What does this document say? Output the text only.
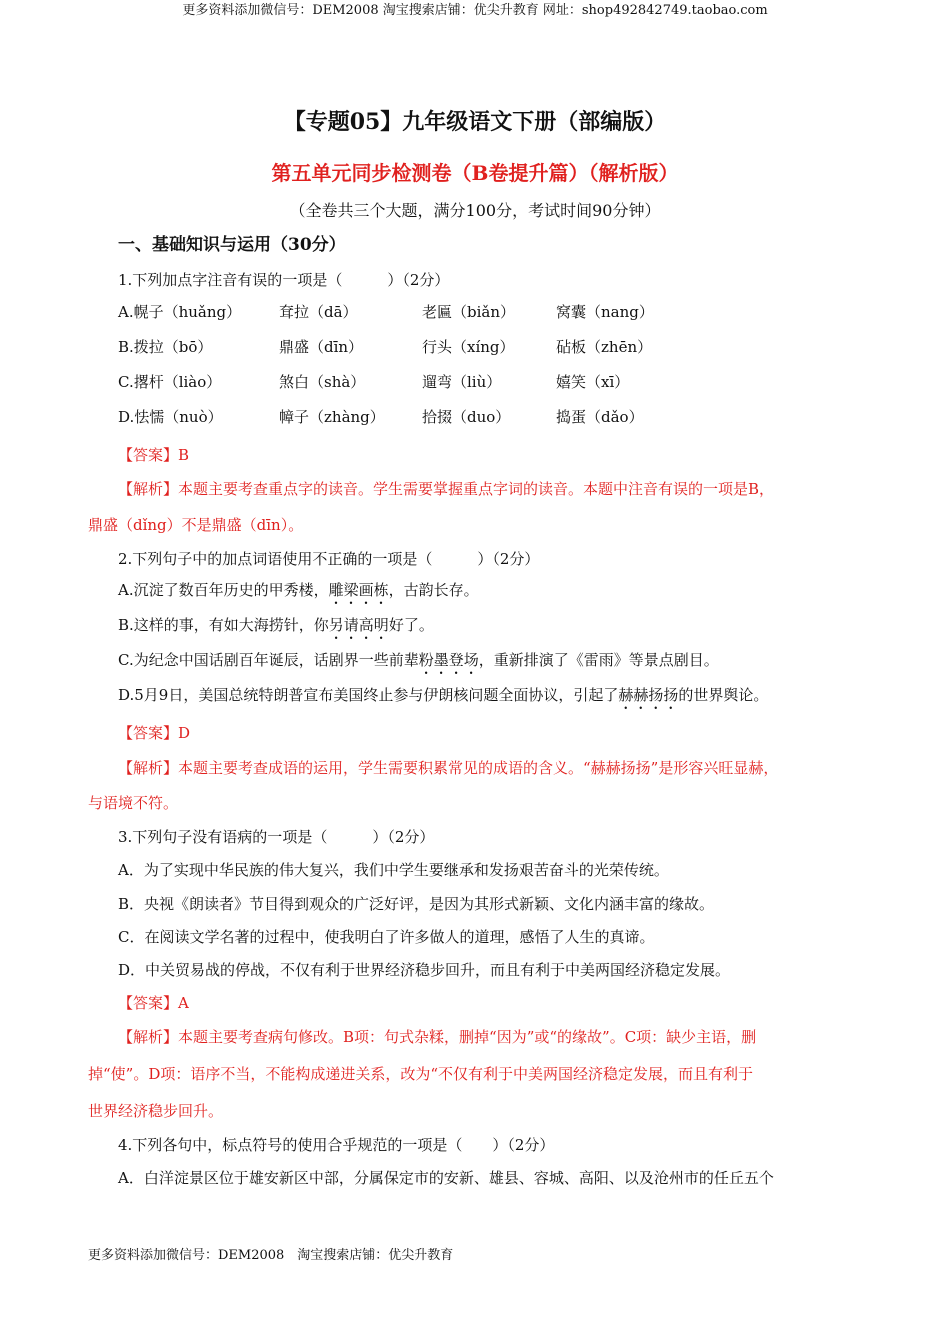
更多资料添加微信号：DEM2008 淘宝搜索店铺：优尖升教育 网址：shop492842749.taobao.com
【专题05】九年级语文下册（部编版）
第五单元同步检测卷（B卷提升篇）（解析版）
（全卷共三个大题，满分100分，考试时间90分钟）
一、基础知识与运用（30分）
1.下列加点字注音有误的一项是（　　　）（2分）
A.幌子（huǎng）	耷拉（dā）	老匾（biǎn）	窝囊（nang）
B.拨拉（bō）	鼎盛（dīn）	行头（xíng）	砧板（zhēn）
C.撂杆（liào）	煞白（shà）	遛弯（liù）	嬉笑（xī）
D.怯懦（nuò）	幛子（zhàng） 拾掇（duo）	捣蛋（dǎo）
【答案】B
【解析】本题主要考查重点字的读音。学生需要掌握重点字词的读音。本题中注音有误的一项是B，
鼎盛（dǐng）不是鼎盛（dīn）。
2.下列句子中的加点词语使用不正确的一项是（　　　）（2分）
A.沉淀了数百年历史的甲秀楼，雕梁画栋，古韵长存。
B.这样的事，有如大海捞针，你另请高明好了。
C.为纪念中国话剧百年诞辰，话剧界一些前辈粉墨登场，重新排演了《雷雨》等景点剧目。
D.5月9日，美国总统特朗普宣布美国终止参与伊朗核问题全面协议，引起了赫赫扬扬的世界舆论。
【答案】D
【解析】本题主要考查成语的运用，学生需要积累常见的成语的含义。“赫赫扬扬”是形容兴旺显赫，
与语境不符。
3.下列句子没有语病的一项是（　　　）（2分）
A．为了实现中华民族的伟大复兴，我们中学生要继承和发扬艰苦奋斗的光荣传统。
B．央视《朗读者》节目得到观众的广泛好评，是因为其形式新颖、文化内涵丰富的缘故。
C．在阅读文学名著的过程中，使我明白了许多做人的道理，感悟了人生的真谛。
D．中关贸易战的停战，不仅有利于世界经济稳步回升，而且有利于中美两国经济稳定发展。
【答案】A
【解析】本题主要考查病句修改。B项：句式杂糅，删掉“因为”或“的缘故”。C项：缺少主语，删
掉“使”。D项：语序不当，不能构成递进关系，改为“不仅有利于中美两国经济稳定发展，而且有利于
世界经济稳步回升。
4.下列各句中，标点符号的使用合乎规范的一项是（　　）（2分）
A．白洋淀景区位于雄安新区中部，分属保定市的安新、雄县、容城、高阳、以及沧州市的任丘五个
更多资料添加微信号：DEM2008　淘宝搜索店铺：优尖升教育
